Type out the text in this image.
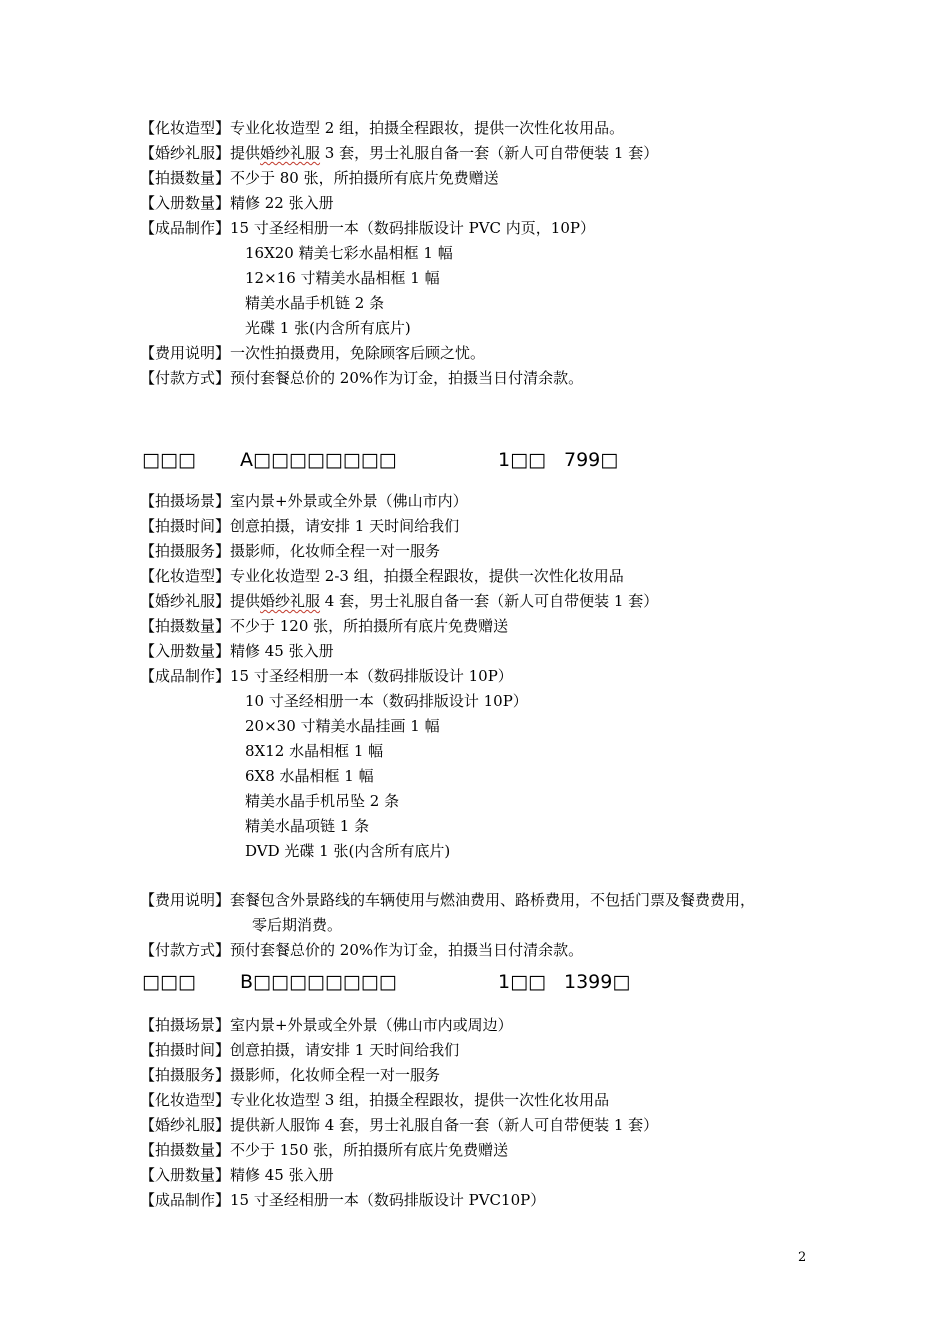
【化妆造型】专业化妆造型 2 组，拍摄全程跟妆，提供一次性化妆用品。
【婚纱礼服】提供婚纱礼服 3 套，男士礼服自备一套（新人可自带便装 1 套）
【拍摄数量】不少于 80 张，所拍摄所有底片免费赠送
【入册数量】精修 22 张入册
【成品制作】15 寸圣经相册一本（数码排版设计 PVC 内页，10P）
16X20 精美七彩水晶相框 1 幅
12×16 寸精美水晶相框 1 幅
精美水晶手机链 2 条
光碟 1 张(内含所有底片)
【费用说明】一次性拍摄费用，免除顾客后顾之忧。
【付款方式】预付套餐总价的 20%作为订金，拍摄当日付清余款。
□□□ A□□□□□□□□	1□□ 799□
【拍摄场景】室内景+外景或全外景（佛山市内）
【拍摄时间】创意拍摄，请安排 1 天时间给我们
【拍摄服务】摄影师，化妆师全程一对一服务
【化妆造型】专业化妆造型 2-3 组，拍摄全程跟妆，提供一次性化妆用品
【婚纱礼服】提供婚纱礼服 4 套，男士礼服自备一套（新人可自带便装 1 套）
【拍摄数量】不少于 120 张，所拍摄所有底片免费赠送
【入册数量】精修 45 张入册
【成品制作】15 寸圣经相册一本（数码排版设计 10P）
10 寸圣经相册一本（数码排版设计 10P）
20×30 寸精美水晶挂画 1 幅
8X12 水晶相框 1 幅
6X8 水晶相框 1 幅
精美水晶手机吊坠 2 条
精美水晶项链 1 条
DVD 光碟 1 张(内含所有底片)
【费用说明】套餐包含外景路线的车辆使用与燃油费用、路桥费用，不包括门票及餐费费用，
零后期消费。
【付款方式】预付套餐总价的 20%作为订金，拍摄当日付清余款。
□□□ B□□□□□□□□	1□□ 1399□
【拍摄场景】室内景+外景或全外景（佛山市内或周边）
【拍摄时间】创意拍摄，请安排 1 天时间给我们
【拍摄服务】摄影师，化妆师全程一对一服务
【化妆造型】专业化妆造型 3 组，拍摄全程跟妆，提供一次性化妆用品
【婚纱礼服】提供新人服饰 4 套，男士礼服自备一套（新人可自带便装 1 套）
【拍摄数量】不少于 150 张，所拍摄所有底片免费赠送
【入册数量】精修 45 张入册
【成品制作】15 寸圣经相册一本（数码排版设计 PVC10P）
2
